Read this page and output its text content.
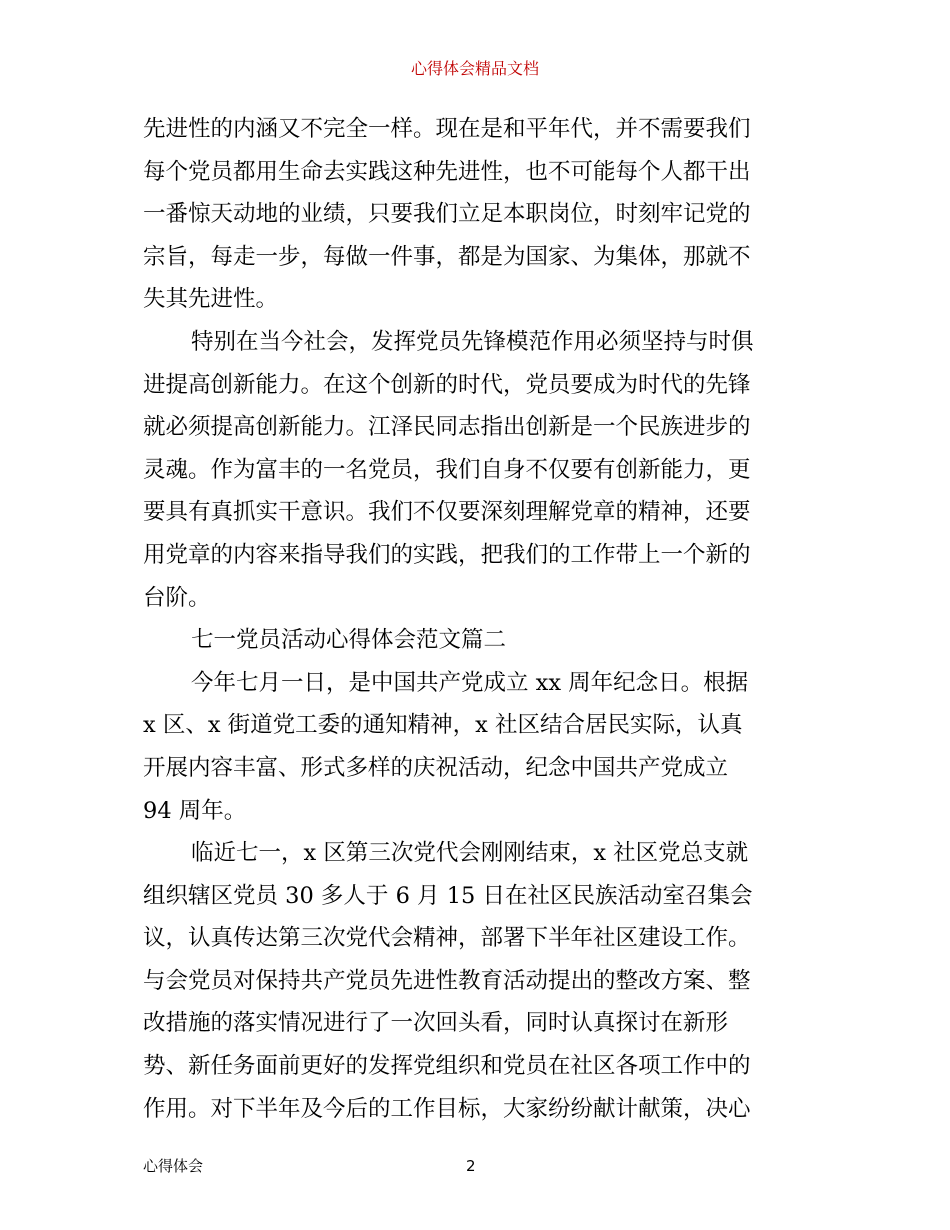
心得体会精品文档
先进性的内涵又不完全一样。现在是和平年代，并不需要我们
每个党员都用生命去实践这种先进性，也不可能每个人都干出
一番惊天动地的业绩，只要我们立足本职岗位，时刻牢记党的
宗旨，每走一步，每做一件事，都是为国家、为集体，那就不
失其先进性。
特别在当今社会，发挥党员先锋模范作用必须坚持与时俱
进提高创新能力。在这个创新的时代，党员要成为时代的先锋
就必须提高创新能力。江泽民同志指出创新是一个民族进步的
灵魂。作为富丰的一名党员，我们自身不仅要有创新能力，更
要具有真抓实干意识。我们不仅要深刻理解党章的精神，还要
用党章的内容来指导我们的实践，把我们的工作带上一个新的
台阶。
七一党员活动心得体会范文篇二
今年七月一日，是中国共产党成立 xx 周年纪念日。根据
x 区、x 街道党工委的通知精神，x 社区结合居民实际，认真
开展内容丰富、形式多样的庆祝活动，纪念中国共产党成立
94 周年。
临近七一，x 区第三次党代会刚刚结束，x 社区党总支就
组织辖区党员 30 多人于 6 月 15 日在社区民族活动室召集会
议，认真传达第三次党代会精神，部署下半年社区建设工作。
与会党员对保持共产党员先进性教育活动提出的整改方案、整
改措施的落实情况进行了一次回头看，同时认真探讨在新形
势、新任务面前更好的发挥党组织和党员在社区各项工作中的
作用。对下半年及今后的工作目标，大家纷纷献计献策，决心
心得体会	2
